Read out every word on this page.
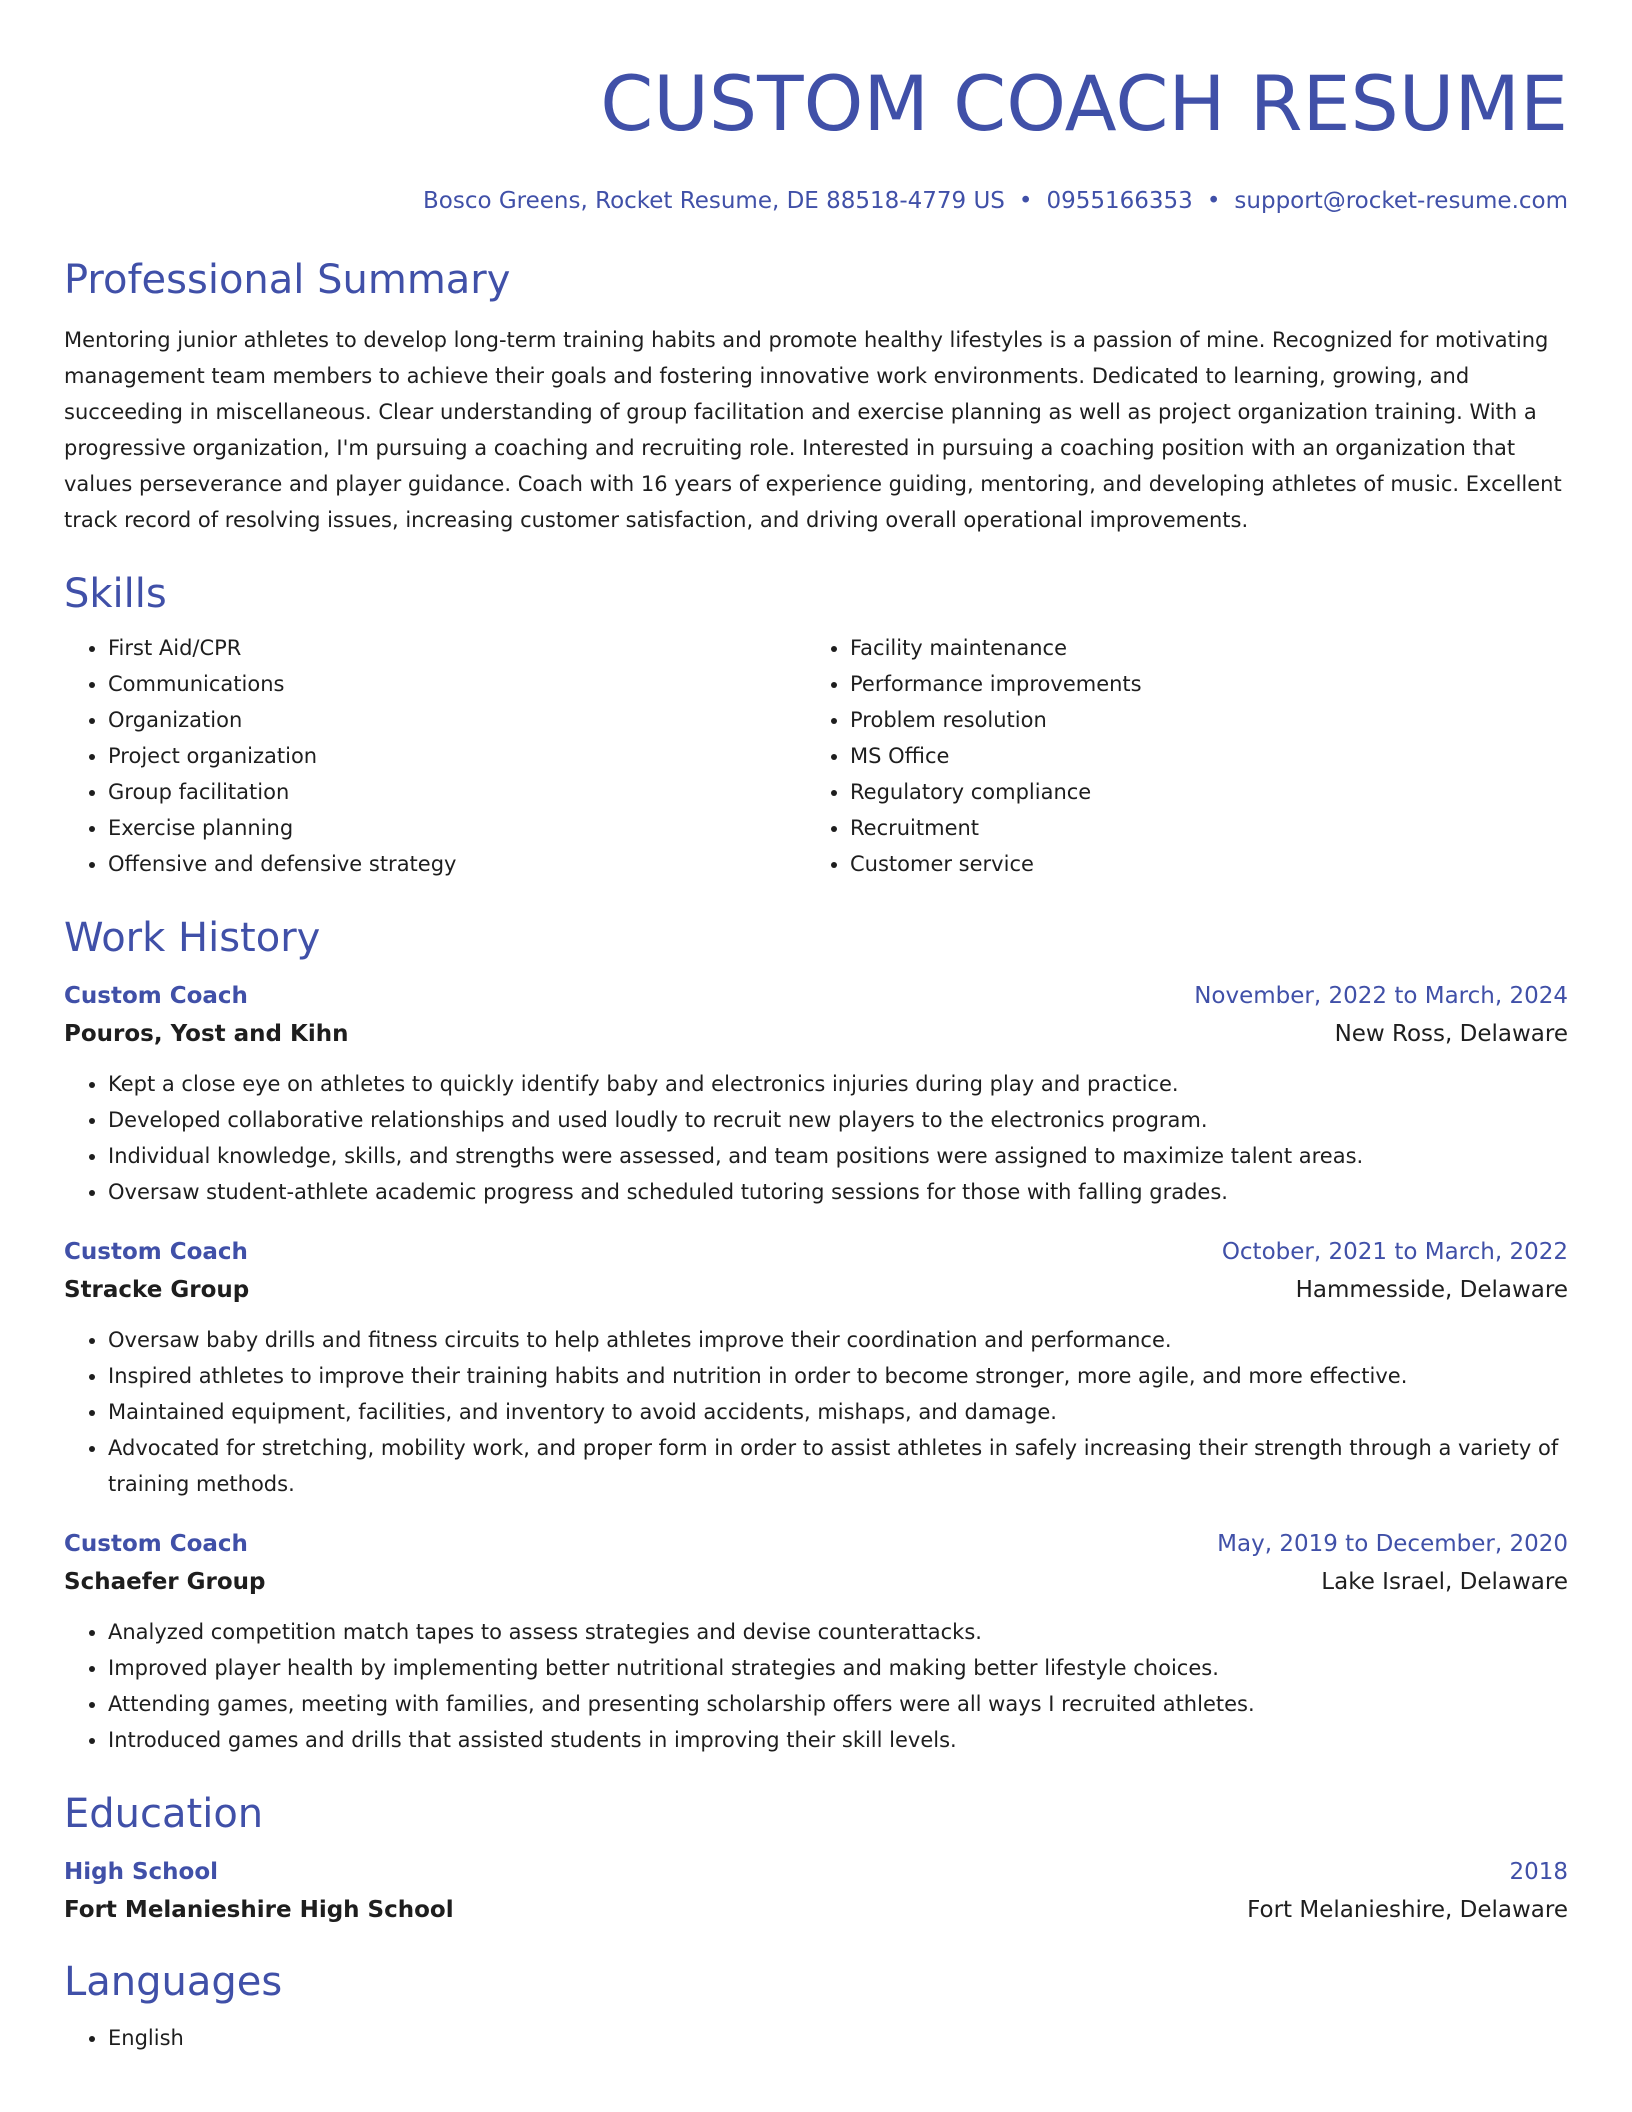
CUSTOM COACH RESUME
Bosco Greens, Rocket Resume, DE 88518-4779 US • 0955166353 • support@rocket-resume.com
Professional Summary
Mentoring junior athletes to develop long-term training habits and promote healthy lifestyles is a passion of mine. Recognized for motivating management team members to achieve their goals and fostering innovative work environments. Dedicated to learning, growing, and succeeding in miscellaneous. Clear understanding of group facilitation and exercise planning as well as project organization training. With a progressive organization, I'm pursuing a coaching and recruiting role. Interested in pursuing a coaching position with an organization that values perseverance and player guidance. Coach with 16 years of experience guiding, mentoring, and developing athletes of music. Excellent track record of resolving issues, increasing customer satisfaction, and driving overall operational improvements.
Skills
• First Aid/CPR
• Communications
• Organization
• Project organization
• Group facilitation
• Exercise planning
• Offensive and defensive strategy
• Facility maintenance
• Performance improvements
• Problem resolution
• MS Office
• Regulatory compliance
• Recruitment
• Customer service
Work History
Custom Coach	November, 2022 to March, 2024
Pouros, Yost and Kihn	New Ross, Delaware
• Kept a close eye on athletes to quickly identify baby and electronics injuries during play and practice.
• Developed collaborative relationships and used loudly to recruit new players to the electronics program.
• Individual knowledge, skills, and strengths were assessed, and team positions were assigned to maximize talent areas.
• Oversaw student-athlete academic progress and scheduled tutoring sessions for those with falling grades.
Custom Coach	October, 2021 to March, 2022
Stracke Group	Hammesside, Delaware
• Oversaw baby drills and fitness circuits to help athletes improve their coordination and performance.
• Inspired athletes to improve their training habits and nutrition in order to become stronger, more agile, and more effective.
• Maintained equipment, facilities, and inventory to avoid accidents, mishaps, and damage.
• Advocated for stretching, mobility work, and proper form in order to assist athletes in safely increasing their strength through a variety of training methods.
Custom Coach	May, 2019 to December, 2020
Schaefer Group	Lake Israel, Delaware
• Analyzed competition match tapes to assess strategies and devise counterattacks.
• Improved player health by implementing better nutritional strategies and making better lifestyle choices.
• Attending games, meeting with families, and presenting scholarship offers were all ways I recruited athletes.
• Introduced games and drills that assisted students in improving their skill levels.
Education
High School	2018
Fort Melanieshire High School	Fort Melanieshire, Delaware
Languages
• English
